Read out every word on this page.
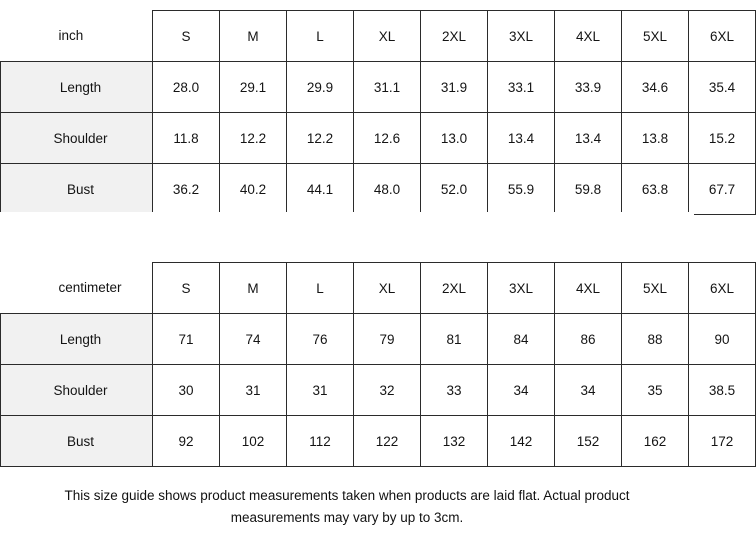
inch	S	M	L	XL	2XL	3XL	4XL	5XL	6XL

Length	28.0	29.1	29.9	31.1	31.9	33.1	33.9	34.6	35.4

Shoulder	11.8	12.2	12.2	12.6	13.0	13.4	13.4	13.8	15.2

Bust	36.2	40.2	44.1	48.0	52.0	55.9	59.8	63.8	67.7
centimeter	S	M	L	XL	2XL	3XL	4XL	5XL	6XL

Length	71	74	76	79	81	84	86	88	90

Shoulder	30	31	31	32	33	34	34	35	38.5

Bust	92	102	112	122	132	142	152	162	172
This size guide shows product measurements taken when products are laid flat. Actual product
measurements may vary by up to 3cm.
